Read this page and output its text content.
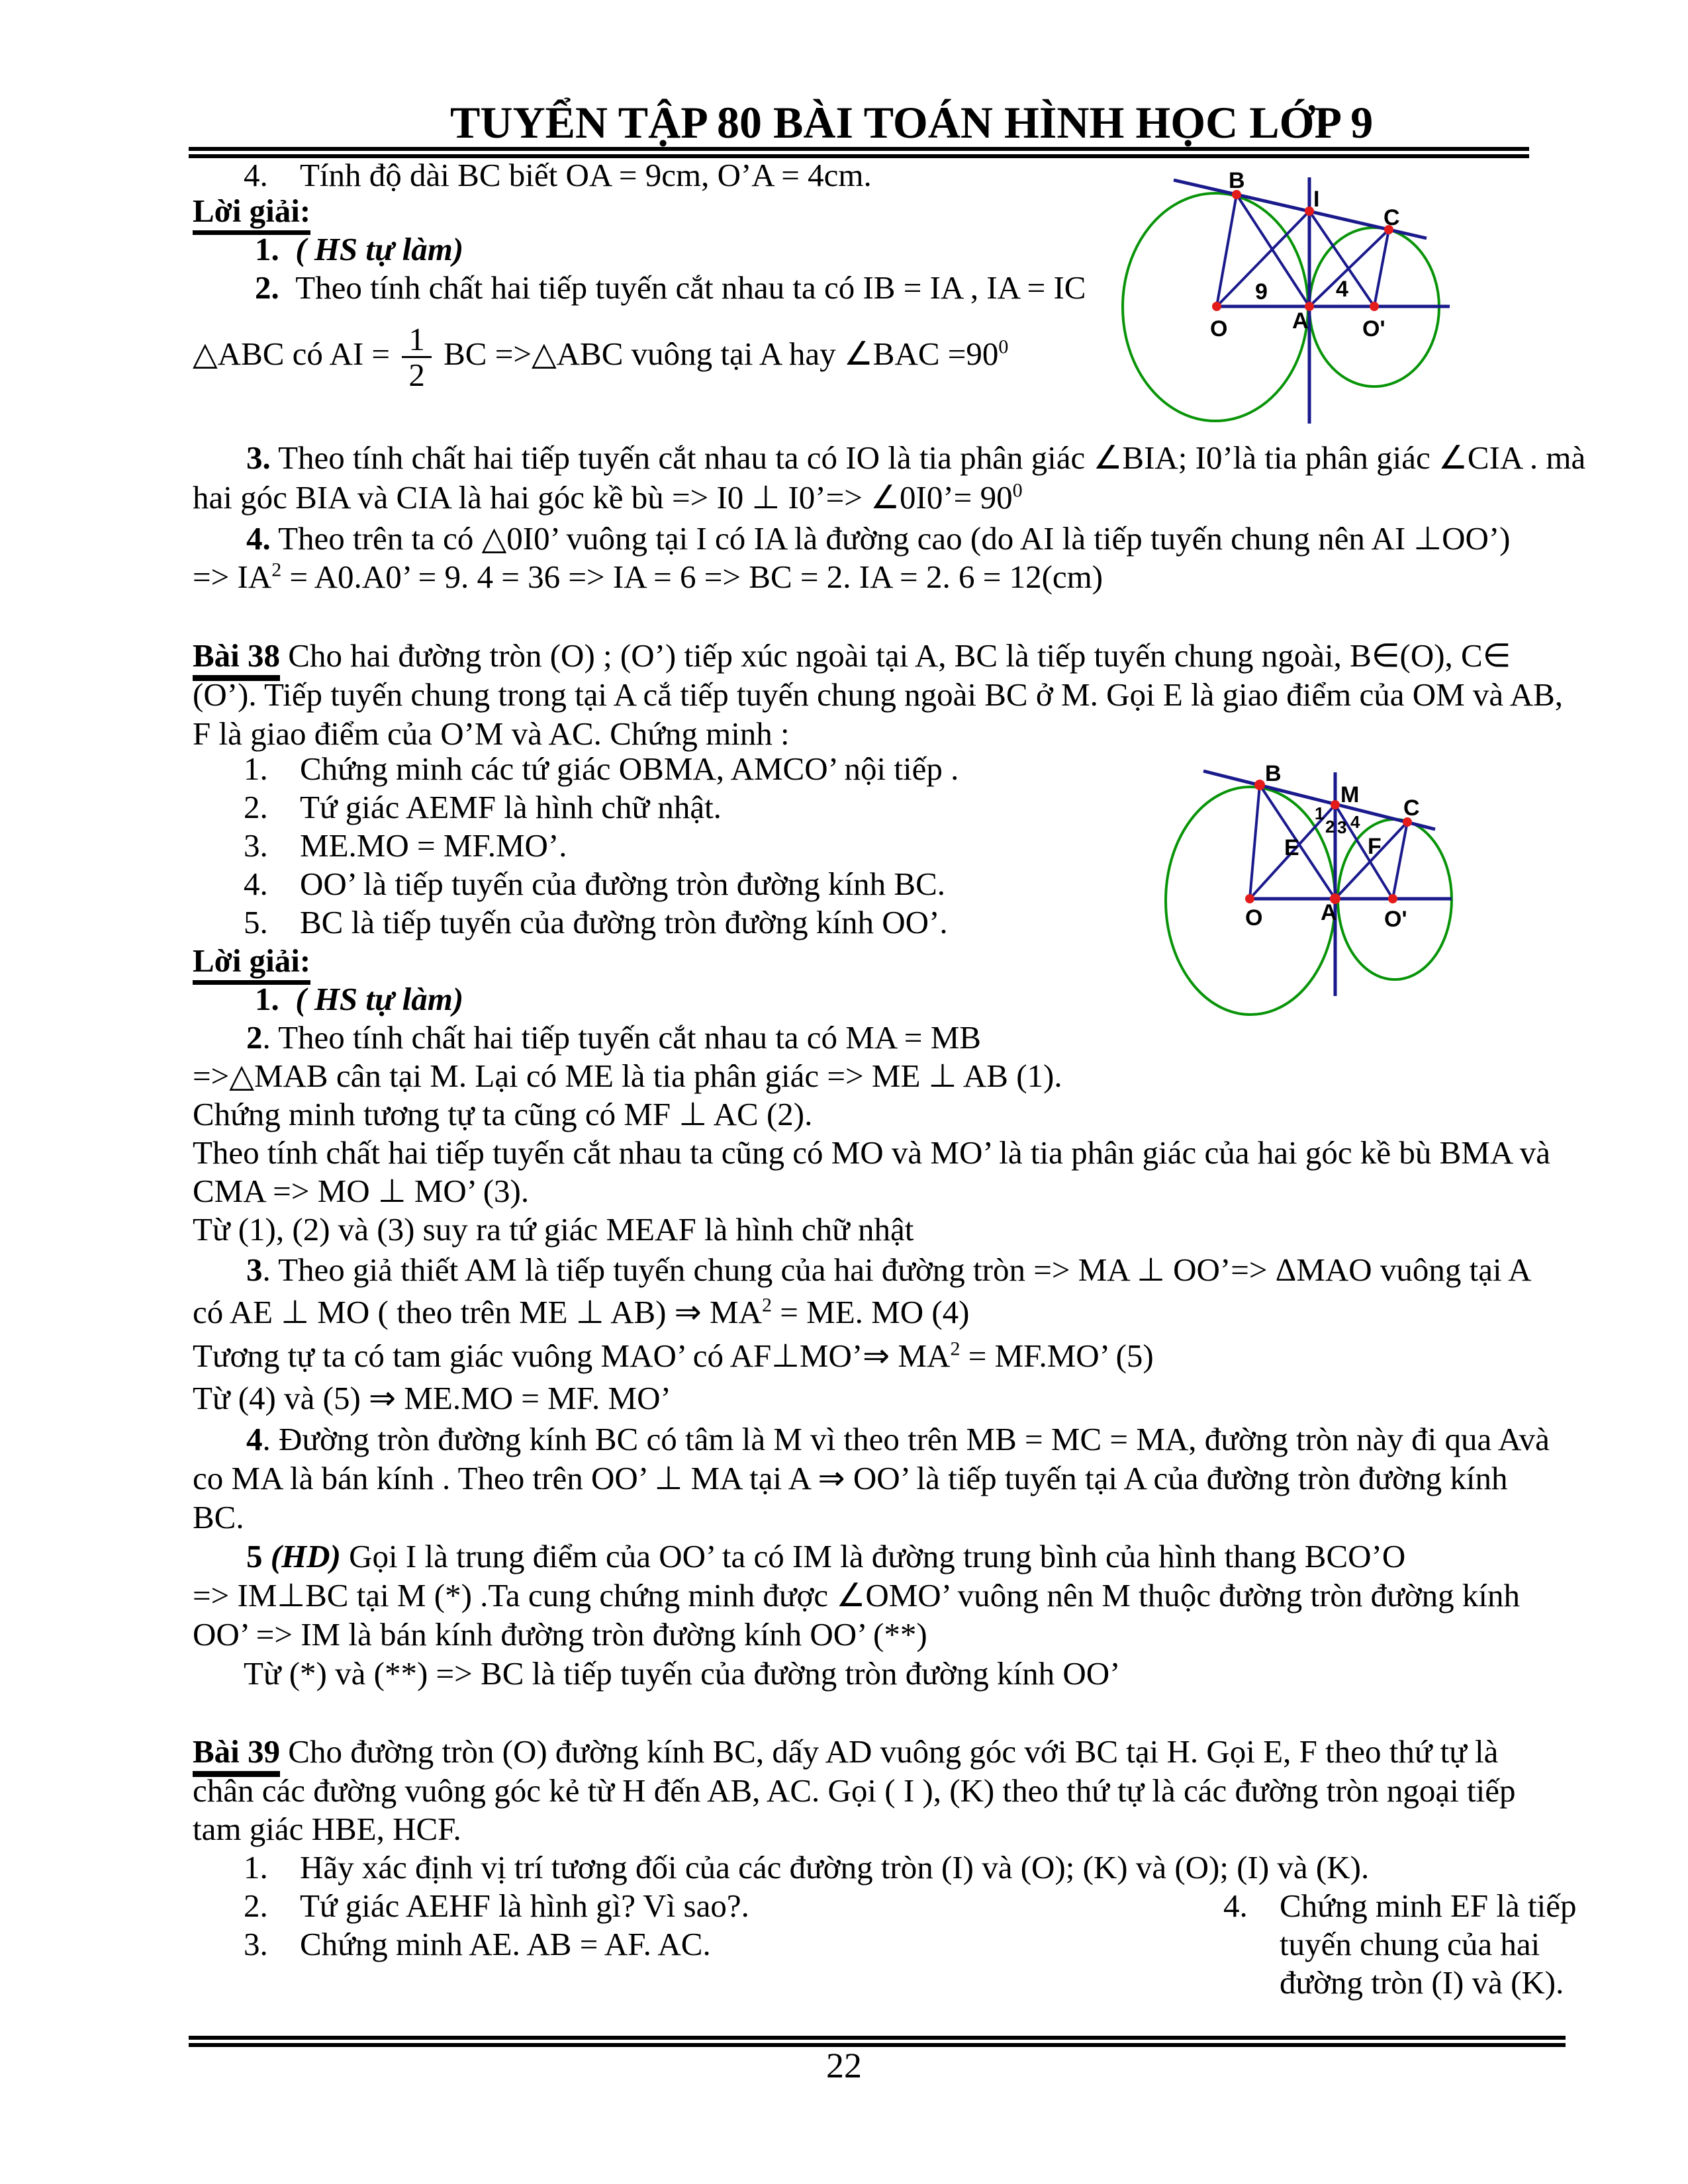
TUYỂN TẬP 80 BÀI TOÁN HÌNH HỌC LỚP 9
4. Tính độ dài BC biết OA = 9cm, O’A = 4cm.
Lời giải:
1. ( HS tự làm)
2. Theo tính chất hai tiếp tuyến cắt nhau ta có IB = IA , IA = IC
△ABC có AI = $\frac{1}{2}$ BC =>△ABC vuông tại A hay ∠BAC $=90^0$
3. Theo tính chất hai tiếp tuyến cắt nhau ta có IO là tia phân giác ∠BIA; I0’là tia phân giác ∠CIA . mà
hai góc BIA và CIA là hai góc kề bù => I0 ⊥ I0’=> ∠0I0’= $90^0$
4. Theo trên ta có △0I0’ vuông tại I có IA là đường cao (do AI là tiếp tuyến chung nên AI ⊥OO’)
=> $IA^2 = A0.A0$’ = 9. 4 = 36 => IA = 6 => BC = 2. IA = 2. 6 = 12(cm)
Bài 38 Cho hai đường tròn (O) ; (O’) tiếp xúc ngoài tại A, BC là tiếp tuyến chung ngoài, B∈(O), C∈
(O’). Tiếp tuyến chung trong tại A cắ tiếp tuyến chung ngoài BC ở M. Gọi E là giao điểm của OM và AB,
F là giao điểm của O’M và AC. Chứng minh :
1. Chứng minh các tứ giác OBMA, AMCO’ nội tiếp .
2. Tứ giác AEMF là hình chữ nhật.
3. ME.MO = MF.MO’.
4. OO’ là tiếp tuyến của đường tròn đường kính BC.
5. BC là tiếp tuyến của đường tròn đường kính OO’.
Lời giải:
1. ( HS tự làm)
2. Theo tính chất hai tiếp tuyến cắt nhau ta có MA = MB
=>△MAB cân tại M. Lại có ME là tia phân giác => ME ⊥ AB (1).
Chứng minh tương tự ta cũng có MF ⊥ AC (2).
Theo tính chất hai tiếp tuyến cắt nhau ta cũng có MO và MO’ là tia phân giác của hai góc kề bù BMA và
CMA => MO ⊥ MO’ (3).
Từ (1), (2) và (3) suy ra tứ giác MEAF là hình chữ nhật
3. Theo giả thiết AM là tiếp tuyến chung của hai đường tròn => MA ⊥ OO’=> ΔMAO vuông tại A
có AE ⊥ MO ( theo trên ME ⊥ AB) ⇒ $MA^2$ = ME. MO (4)
Tương tự ta có tam giác vuông MAO’ có AF⊥MO’⇒ $MA^2 = MF.MO$’ (5)
Từ (4) và (5) ⇒ ME.MO = MF. MO’
4. Đường tròn đường kính BC có tâm là M vì theo trên MB = MC = MA, đường tròn này đi qua Avà
co MA là bán kính . Theo trên OO’ ⊥ MA tại A ⇒ OO’ là tiếp tuyến tại A của đường tròn đường kính
BC.
5 (HD) Gọi I là trung điểm của OO’ ta có IM là đường trung bình của hình thang BCO’O
=> IM⊥BC tại M (*) .Ta cung chứng minh được ∠OMO’ vuông nên M thuộc đường tròn đường kính
OO’ => IM là bán kính đường tròn đường kính OO’ (**)
Từ (*) và (**) => BC là tiếp tuyến của đường tròn đường kính OO’
Bài 39 Cho đường tròn (O) đường kính BC, dấy AD vuông góc với BC tại H. Gọi E, F theo thứ tự là
chân các đường vuông góc kẻ từ H đến AB, AC. Gọi ( I ), (K) theo thứ tự là các đường tròn ngoại tiếp
tam giác HBE, HCF.
1. Hãy xác định vị trí tương đối của các đường tròn (I) và (O); (K) và (O); (I) và (K).
2. Tứ giác AEHF là hình gì? Vì sao?.
3. Chứng minh AE. AB = AF. AC.
4. Chứng minh EF là tiếp
tuyến chung của hai
đường tròn (I) và (K).
22
B
I
C
O	A O'
9	4
B
M
C
E	F
O	A O'
1
2 3 4
